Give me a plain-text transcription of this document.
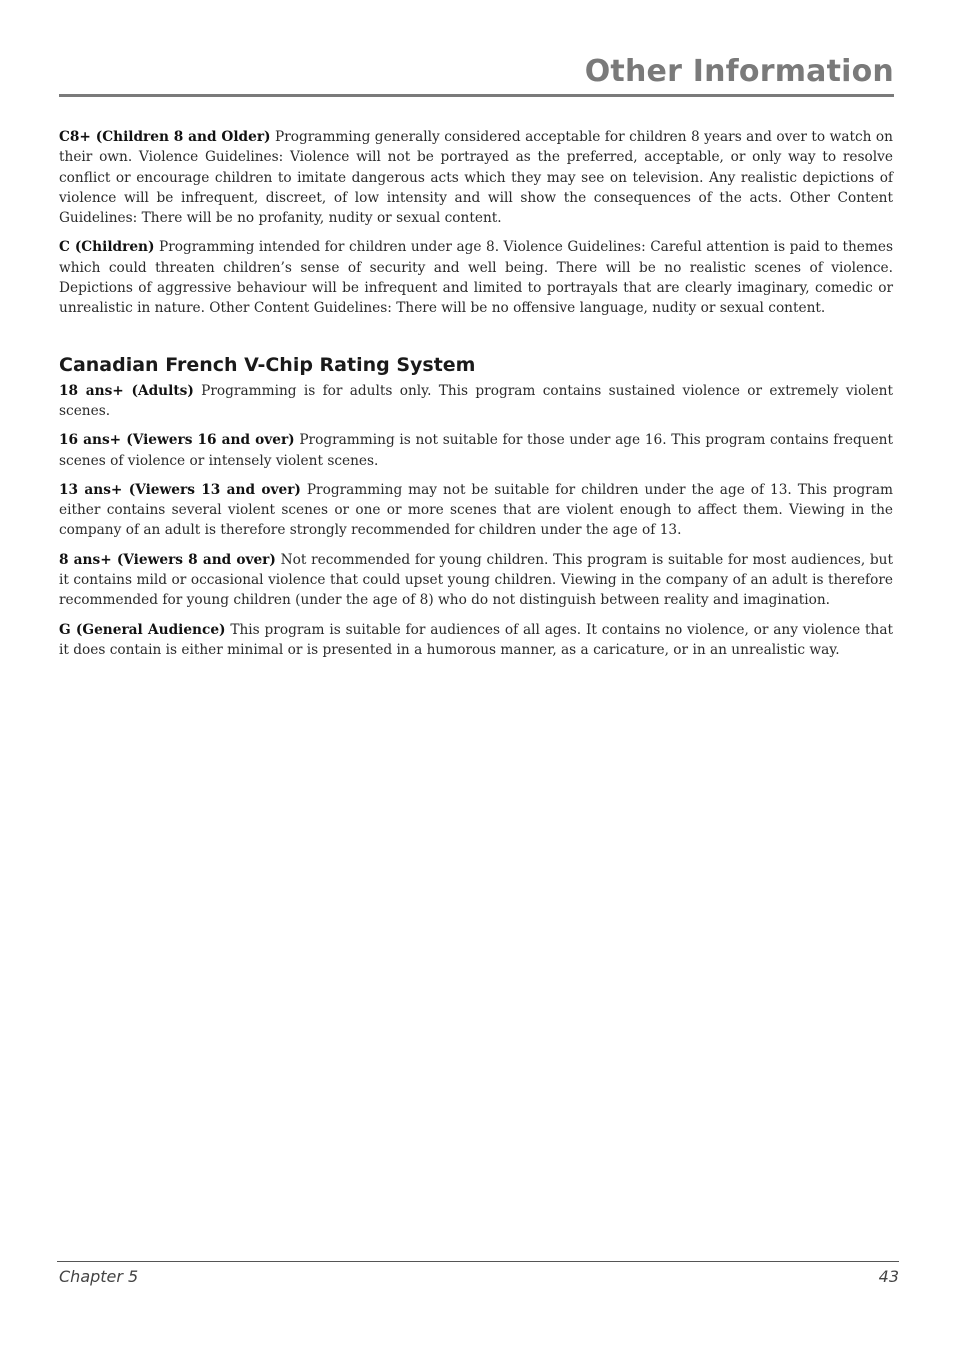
Other Information

C8+ (Children 8 and Older) Programming generally considered acceptable for children 8 years and over to watch on their own. Violence Guidelines: Violence will not be portrayed as the preferred, acceptable, or only way to resolve conflict or encourage children to imitate dangerous acts which they may see on television. Any realistic depictions of violence will be infrequent, discreet, of low intensity and will show the consequences of the acts. Other Content Guidelines: There will be no profanity, nudity or sexual content.

C (Children) Programming intended for children under age 8. Violence Guidelines: Careful attention is paid to themes which could threaten children’s sense of security and well being. There will be no realistic scenes of violence. Depictions of aggressive behaviour will be infrequent and limited to portrayals that are clearly imaginary, comedic or unrealistic in nature. Other Content Guidelines: There will be no offensive language, nudity or sexual content.

Canadian French V-Chip Rating System

18 ans+ (Adults) Programming is for adults only. This program contains sustained violence or extremely violent scenes.

16 ans+ (Viewers 16 and over) Programming is not suitable for those under age 16. This program contains frequent scenes of violence or intensely violent scenes.

13 ans+ (Viewers 13 and over) Programming may not be suitable for children under the age of 13. This program either contains several violent scenes or one or more scenes that are violent enough to affect them. Viewing in the company of an adult is therefore strongly recommended for children under the age of 13.

8 ans+ (Viewers 8 and over) Not recommended for young children. This program is suitable for most audiences, but it contains mild or occasional violence that could upset young children. Viewing in the company of an adult is therefore recommended for young children (under the age of 8) who do not distinguish between reality and imagination.

G (General Audience) This program is suitable for audiences of all ages. It contains no violence, or any violence that it does contain is either minimal or is presented in a humorous manner, as a caricature, or in an unrealistic way.

Chapter 5	43
